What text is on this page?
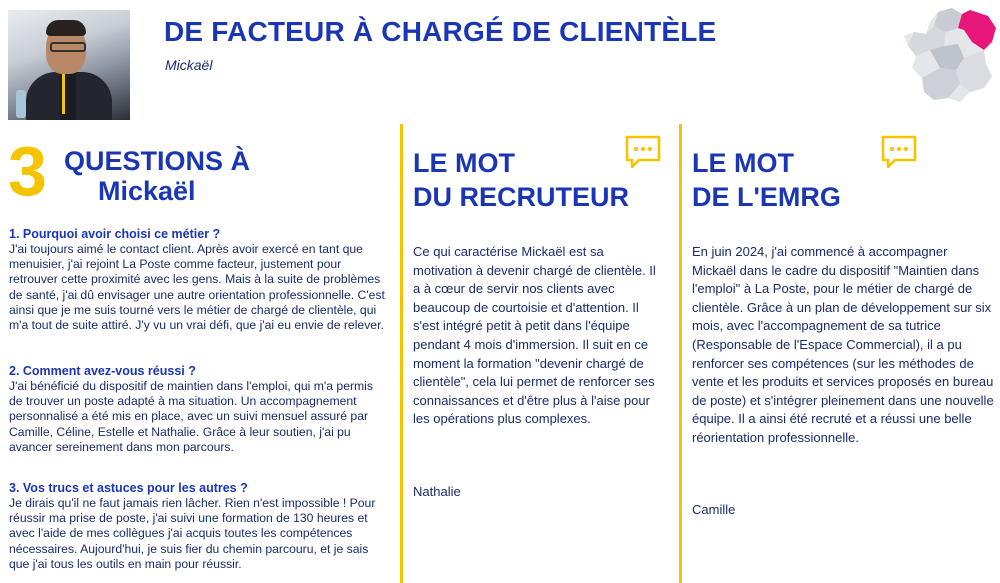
DE FACTEUR À CHARGÉ DE CLIENTÈLE
Mickaël
3 QUESTIONS À
Mickaël
1. Pourquoi avoir choisi ce métier ?

J'ai toujours aimé le contact client. Après avoir exercé en tant que menuisier, j'ai rejoint La Poste comme facteur, justement pour retrouver cette proximité avec les gens. Mais à la suite de problèmes de santé, j'ai dû envisager une autre orientation professionnelle. C'est ainsi que je me suis tourné vers le métier de chargé de clientèle, qui m'a tout de suite attiré. J'y vu un vrai défi, que j'ai eu envie de relever.

2. Comment avez-vous réussi ?

J'ai bénéficié du dispositif de maintien dans l'emploi, qui m'a permis de trouver un poste adapté à ma situation. Un accompagnement personnalisé a été mis en place, avec un suivi mensuel assuré par Camille, Céline, Estelle et Nathalie. Grâce à leur soutien, j'ai pu avancer sereinement dans mon parcours.

3. Vos trucs et astuces pour les autres ?

Je dirais qu'il ne faut jamais rien lâcher. Rien n'est impossible ! Pour réussir ma prise de poste, j'ai suivi une formation de 130 heures et avec l'aide de mes collègues j'ai acquis toutes les compétences nécessaires. Aujourd'hui, je suis fier du chemin parcouru, et je sais que j'ai tous les outils en main pour réussir.

LE MOT
DU RECRUTEUR

Ce qui caractérise Mickaël est sa motivation à devenir chargé de clientèle. Il a à cœur de servir nos clients avec beaucoup de courtoisie et d'attention. Il s'est intégré petit à petit dans l'équipe pendant 4 mois d'immersion. Il suit en ce moment la formation "devenir chargé de clientèle", cela lui permet de renforcer ses connaissances et d'être plus à l'aise pour les opérations plus complexes.

Nathalie
LE MOT
DE L'EMRG

En juin 2024, j'ai commencé à accompagner Mickaël dans le cadre du dispositif "Maintien dans l'emploi" à La Poste, pour le métier de chargé de clientèle. Grâce à un plan de développement sur six mois, avec l'accompagnement de sa tutrice (Responsable de l'Espace Commercial), il a pu renforcer ses compétences (sur les méthodes de vente et les produits et services proposés en bureau de poste) et s'intégrer pleinement dans une nouvelle équipe. Il a ainsi été recruté et a réussi une belle réorientation professionnelle.

Camille
